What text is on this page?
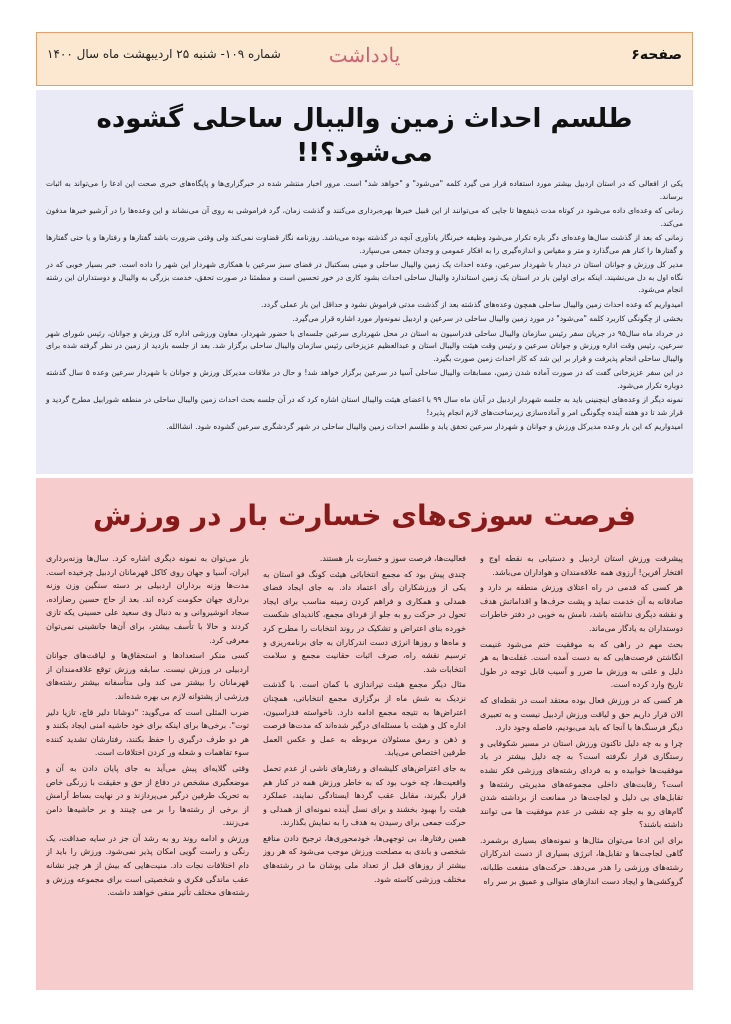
صفحه۶
یادداشت
شماره ۱۰۹- شنبه ۲۵ اردیبهشت ماه سال ۱۴۰۰
طلسم احداث زمین والیبال ساحلی گشوده می‌شود؟!!

یکی از افعالی که در استان اردبیل بیشتر مورد استفاده قرار می گیرد کلمه "می‌شود" و "خواهد شد" است. مرور اخبار منتشر شده در خبرگزاری‌ها و پایگاه‌های خبری صحت این ادعا را می‌تواند به اثبات برساند.

زمانی که وعده‌ای داده می‌شود در کوتاه مدت ذینفع‌ها تا جایی که می‌توانند از این قبیل خبرها بهره‌برداری می‌کنند و گذشت زمان، گرد فراموشی به روی آن می‌نشاند و این وعده‌ها را در آرشیو خبرها مدفون می‌کند.

زمانی که بعد از گذشت سال‌ها وعده‌ای دگر باره تکرار می‌شود وظیفه خبرنگار یادآوری آنچه در گذشته بوده می‌باشد. روزنامه نگار قضاوت نمی‌کند ولی وقتی ضرورت باشد گفتارها و رفتارها و یا حتی گفتارها و گفتارها را کنار هم می‌گذارد و متر و مقیاس و اندازه‌گیری را به افکار عمومی و وجدان جمعی می‌سپارد.

مدیر کل ورزش و جوانان استان در دیدار با شهردار سرعین، وعده احداث یک زمین والیبال ساحلی و مینی بسکتبال در فضای سبز سرعین با همکاری شهردار این شهر را داده است. خبر بسیار خوبی که در نگاه اول به دل می‌نشیند. اینکه برای اولین بار در استان یک زمین استاندارد والیبال ساحلی احداث بشود کاری در خور تحسین است و مطمئنا در صورت تحقق، خدمت بزرگی به والیبال و دوستداران این رشته انجام می‌شود.

امیدواریم که وعده احداث زمین والیبال ساحلی همچون وعده‌های گذشته بعد از گذشت مدتی فراموش نشود و حداقل این بار عملی گردد.

بخشی از چگونگی کاربرد کلمه "می‌شود" در مورد زمین والیبال ساحلی در سرعین و اردبیل نمونه‌وار مورد اشاره قرار می‌گیرد.

در خرداد ماه سال۹۵ در جریان سفر رئیس سازمان والیبال ساحلی فدراسیون به استان در محل شهرداری سرعین جلسه‌ای با حضور شهردار، معاون ورزشی اداره کل ورزش و جوانان، رئیس شورای شهر سرعین، رئیس وقت اداره ورزش و جوانان سرعین و رئیس وقت هیئت والیبال استان و عبدالعظیم عزیزخانی رئیس سازمان والیبال ساحلی برگزار شد. بعد از جلسه بازدید از زمین در نظر گرفته شده برای والیبال ساحلی انجام پذیرفت و قرار بر این شد که کار احداث زمین صورت بگیرد.

در این سفر عزیزخانی گفت که در صورت آماده شدن زمین، مسابقات والیبال ساحلی آسیا در سرعین برگزار خواهد شد! و حال در ملاقات مدیرکل ورزش و جوانان با شهردار سرعین وعده ۵ سال گذشته دوباره تکرار می‌شود.

نمونه دیگر از وعده‌های اینچنینی باید به جلسه شهردار اردبیل در آبان ماه سال ۹۹ با اعضای هیئت والیبال استان اشاره کرد که در آن جلسه بحث احداث زمین والیبال ساحلی در منطقه شورابیل مطرح گردید و قرار شد تا دو هفته آینده چگونگی امر و آماده‌سازی زیرساخت‌های لازم انجام پذیرد!

امیدواریم که این بار وعده مدیرکل ورزش و جوانان و شهردار سرعین تحقق یابد و طلسم احداث زمین والیبال ساحلی در شهر گردشگری سرعین گشوده شود. انشاالله.

فرصت سوزی‌های خسارت بار در ورزش

پیشرفت ورزش استان اردبیل و دستیابی به نقطه اوج و افتخار آفرین! آرزوی همه علاقه‌مندان و هواداران می‌باشد.

هر کسی که قدمی در راه اعتلای ورزش منطقه بر دارد و صادقانه به آن خدمت نماید و پشت حرف‌ها و اقداماتش هدف و نقشه دیگری نداشته باشد، نامش به خوبی در دفتر خاطرات دوستداران به یادگار می‌ماند.

بحث مهم در راهی که به موفقیت ختم می‌شود غنیمت انگاشتن فرصت‌هایی که به دست آمده است. غفلت‌ها به هر دلیل و علتی به ورزش ما ضرر و آسیب قابل توجه در طول تاریخ وارد کرده است.

هر کسی که در ورزش فعال بوده معتقد است در نقطه‌ای که الان قرار داریم حق و لیاقت ورزش اردبیل نیست و به تعبیری دیگر فرسنگ‌ها با آنجا که باید می‌بودیم، فاصله وجود دارد.

چرا و به چه دلیل تاکنون ورزش استان در مسیر شکوفایی و رستگاری قرار نگرفته است؟ به چه دلیل بیشتر در باد موفقیت‌ها خوابیده و به فردای رشته‌های ورزشی فکر نشده است؟ رقابت‌های داخلی مجموعه‌های مدیریتی رشته‌ها و تقابل‌های بی دلیل و لجاجت‌ها در ممانعت از برداشته شدن گام‌های رو به جلو چه نقشی در عدم موفقیت ها می توانند داشته باشند؟

برای این ادعا می‌توان مثال‌ها و نمونه‌های بسیاری برشمرد. گاهی لجاجت‌ها و تقابل‌ها، انرژی بسیاری از دست اندرکاران رشته‌های ورزشی را هدر می‌دهد. حرکت‌های منفعت طلبانه، گروکشی‌ها و ایجاد دست اندازهای متوالی و عمیق بر سر راه

فعالیت‌ها، فرصت سوز و خسارت بار هستند.

چندی پیش بود که مجمع انتخاباتی هیئت کونگ فو استان به یکی از ورزشکاران رأی اعتماد داد. به جای ایجاد فضای همدلی و همکاری و فراهم کردن زمینه مناسب برای ایجاد تحول در حرکت رو به جلو از فردای مجمع، کاندیدای شکست خورده بنای اعتراض و تشکیک در روند انتخابات را مطرح کرد و ماه‌ها و روزها انرژی دست اندرکاران به جای برنامه‌ریزی و ترسیم نقشه راه، صرف اثبات حقانیت مجمع و سلامت انتخابات شد.

مثال دیگر مجمع هیئت تیراندازی با کمان است. با گذشت نزدیک به شش ماه از برگزاری مجمع انتخاباتی، همچنان اعتراض‌ها به نتیجه مجمع ادامه دارد. ناخواسته فدراسیون، اداره کل و هیئت با مسئله‌ای درگیر شده‌اند که مدت‌ها فرصت و ذهن و رمق مسئولان مربوطه به عمل و عکس العمل طرفین اختصاص می‌یابد.

به جای اعتراض‌های کلیشه‌ای و رفتارهای ناشی از عدم تحمل واقعیت‌ها، چه خوب بود که به خاطر ورزش همه در کنار هم قرار بگیرند، مقابل عقب گردها ایستادگی نمایند، عملکرد هیئت را بهبود بخشند و برای نسل آینده نمونه‌ای از همدلی و حرکت جمعی برای رسیدن به هدف را به نمایش بگذارند.

همین رفتارها، بی توجهی‌ها، خودمحوری‌ها، ترجیح دادن منافع شخصی و باندی به مصلحت ورزش موجب می‌شود که هر روز بیشتر از روزهای قبل از تعداد ملی پوشان ما در رشته‌های مختلف ورزشی کاسته شود.

باز می‌توان به نمونه دیگری اشاره کرد. سال‌ها وزنه‌برداری ایران، آسیا و جهان روی کاکل قهرمانان اردبیل چرخیده است. مدت‌ها وزنه برداران اردبیلی بر دسته سنگین وزن وزنه برداری جهان حکومت کرده اند. بعد از حاج حسین رضازاده، سجاد انوشیروانی و به دنبال وی سعید علی حسینی یکه تازی کردند و حالا با تأسف بیشتر، برای آن‌ها جانشینی نمی‌توان معرفی کرد.

کسی منکر استعدادها و استحقاق‌ها و لیاقت‌های جوانان اردبیلی در ورزش نیست. سابقه ورزش توقع علاقه‌مندان از قهرمانان را بیشتر می کند ولی متأسفانه بیشتر رشته‌های ورزشی از پشتوانه لازم بی بهره شده‌اند.

ضرب المثلی است که می‌گوید: "دوشانا دلیر قاچ، تازیا دلیر توت". برخی‌ها برای اینکه برای خود حاشیه امنی ایجاد بکنند و هر دو طرف درگیری را حفظ بکنند، رفتارشان تشدید کننده سوء تفاهمات و شعله ور کردن اختلافات است.

وقتی گلایه‌ای پیش می‌آید به جای پایان دادن به آن و موضعگیری مشخص در دفاع از حق و حقیقت با زرنگی خاص به تحریک طرفین درگیر می‌پردازند و در نهایت بساط آرامش از برخی از رشته‌ها را بر می چینند و بر حاشیه‌ها دامن می‌زنند.

ورزش و ادامه روند رو به رشد آن جز در سایه صداقت، یک رنگی و راست گویی امکان پذیر نمی‌شود. ورزش را باید از دام اختلافات نجات داد. منیت‌هایی که بیش از هر چیز نشانه عقب ماندگی فکری و شخصیتی است برای مجموعه ورزش و رشته‌های مختلف تأثیر منفی خواهند داشت.
